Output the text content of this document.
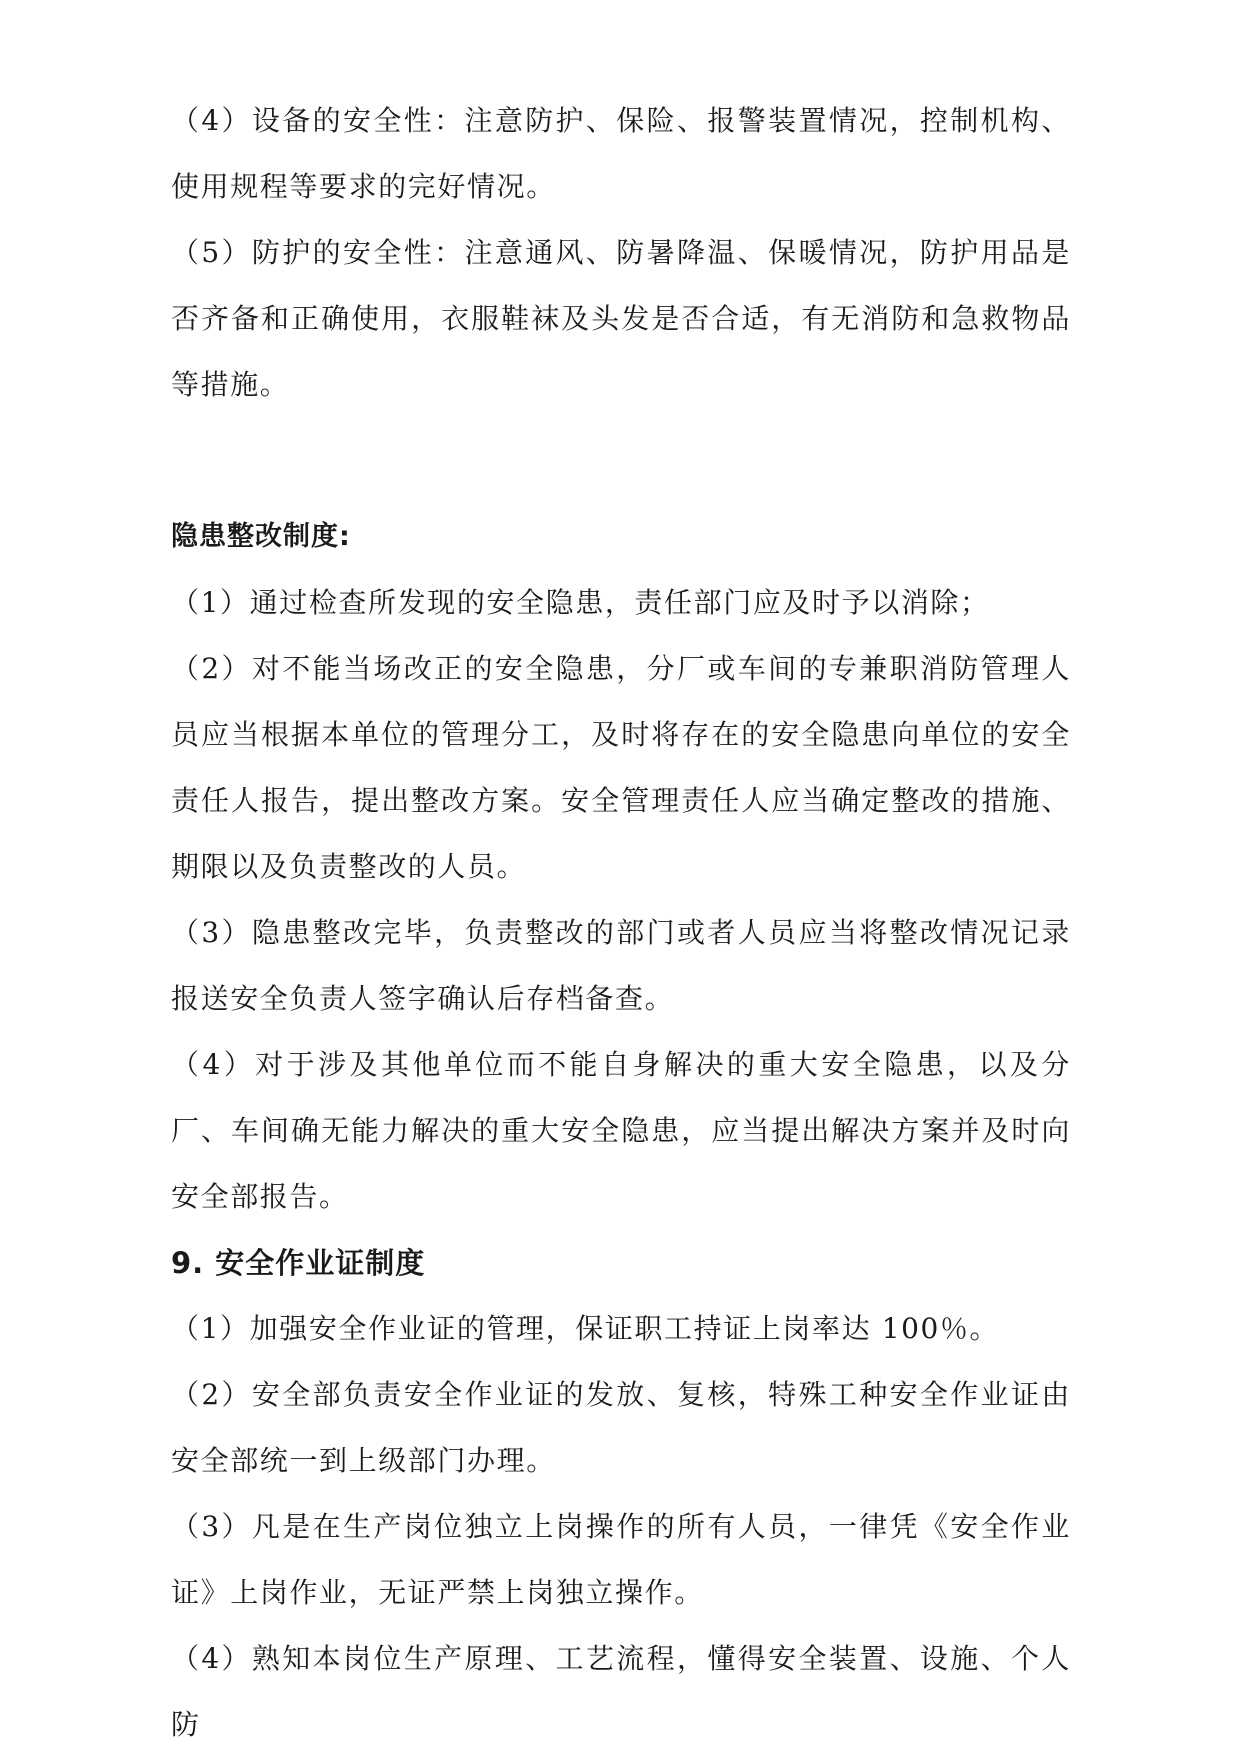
（4）设备的安全性：注意防护、保险、报警装置情况，控制机构、使用规程等要求的完好情况。

（5）防护的安全性：注意通风、防暑降温、保暖情况，防护用品是否齐备和正确使用，衣服鞋袜及头发是否合适，有无消防和急救物品等措施。

隐患整改制度:

（1）通过检查所发现的安全隐患，责任部门应及时予以消除；

（2）对不能当场改正的安全隐患，分厂或车间的专兼职消防管理人员应当根据本单位的管理分工，及时将存在的安全隐患向单位的安全责任人报告，提出整改方案。安全管理责任人应当确定整改的措施、期限以及负责整改的人员。

（3）隐患整改完毕，负责整改的部门或者人员应当将整改情况记录报送安全负责人签字确认后存档备查。

（4）对于涉及其他单位而不能自身解决的重大安全隐患，以及分厂、车间确无能力解决的重大安全隐患，应当提出解决方案并及时向安全部报告。

9. 安全作业证制度

（1）加强安全作业证的管理，保证职工持证上岗率达 100％。

（2）安全部负责安全作业证的发放、复核，特殊工种安全作业证由安全部统一到上级部门办理。

（3）凡是在生产岗位独立上岗操作的所有人员，一律凭《安全作业证》上岗作业，无证严禁上岗独立操作。

（4）熟知本岗位生产原理、工艺流程，懂得安全装置、设施、个人防
